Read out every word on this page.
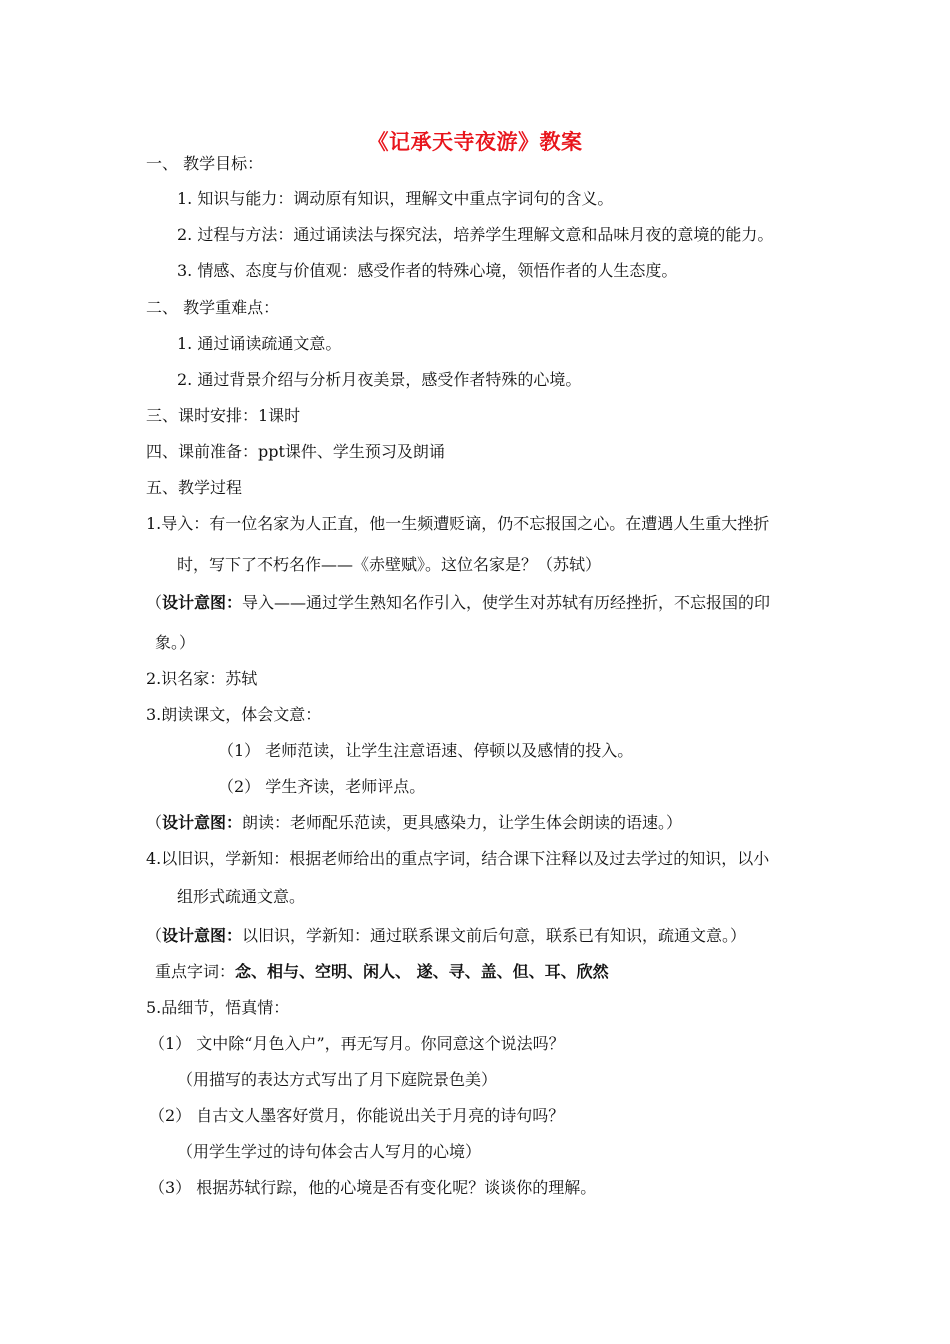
《记承天寺夜游》教案
一、 教学目标：
1. 知识与能力：调动原有知识，理解文中重点字词句的含义。
2. 过程与方法：通过诵读法与探究法，培养学生理解文意和品味月夜的意境的能力。
3. 情感、态度与价值观：感受作者的特殊心境，领悟作者的人生态度。
二、 教学重难点：
1. 通过诵读疏通文意。
2. 通过背景介绍与分析月夜美景，感受作者特殊的心境。
三、课时安排：1课时
四、课前准备：ppt课件、学生预习及朗诵
五、教学过程
1.导入：有一位名家为人正直，他一生频遭贬谪，仍不忘报国之心。在遭遇人生重大挫折
时，写下了不朽名作——《赤壁赋》。这位名家是？（苏轼）
（设计意图：导入——通过学生熟知名作引入，使学生对苏轼有历经挫折，不忘报国的印
象。）
2.识名家：苏轼
3.朗读课文，体会文意：
（1） 老师范读，让学生注意语速、停顿以及感情的投入。
（2） 学生齐读，老师评点。
（设计意图：朗读：老师配乐范读，更具感染力，让学生体会朗读的语速。）
4.以旧识，学新知：根据老师给出的重点字词，结合课下注释以及过去学过的知识，以小
组形式疏通文意。
（设计意图：以旧识，学新知：通过联系课文前后句意，联系已有知识，疏通文意。）
重点字词：念、相与、空明、闲人、 遂、寻、盖、但、耳、欣然
5.品细节，悟真情：
（1） 文中除“月色入户”，再无写月。你同意这个说法吗？
（用描写的表达方式写出了月下庭院景色美）
（2） 自古文人墨客好赏月，你能说出关于月亮的诗句吗？
（用学生学过的诗句体会古人写月的心境）
（3） 根据苏轼行踪，他的心境是否有变化呢？谈谈你的理解。
